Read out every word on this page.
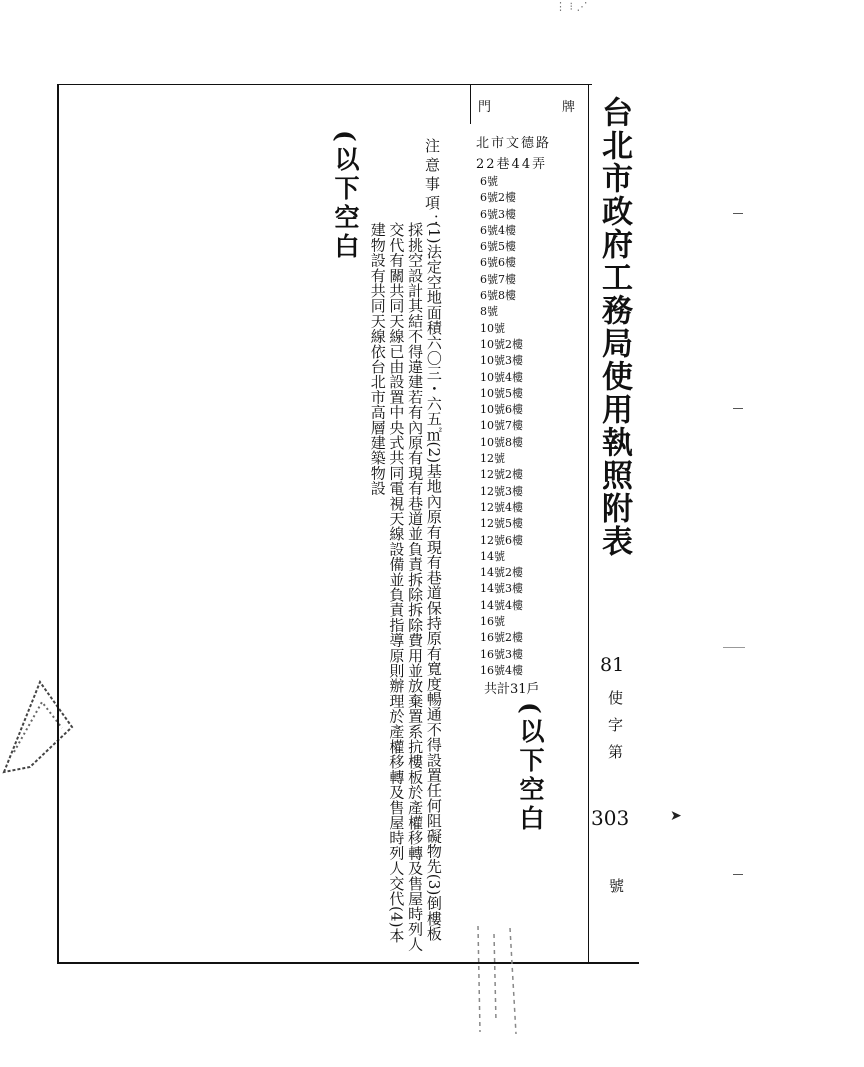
⋮ ⁝ ⋰
➤
台北市政府工務局使用執照附表
門	牌
北市文德路
22巷44弄
6號
6號2樓
6號3樓
6號4樓
6號5樓
6號6樓
6號7樓
6號8樓
8號
10號
10號2樓
10號3樓
10號4樓
10號5樓
10號6樓
10號7樓
10號8樓
12號
12號2樓
12號3樓
12號4樓
12號5樓
12號6樓
14號
14號2樓
14號3樓
14號4樓
16號
16號2樓
16號3樓
16號4樓
共計31戶
(以下空白
(以下空白	注意事項：
(1)法定空地面積六〇三・六五㎡(2)基地內原有現有巷道保持原有寬度暢通不得設置任何阻礙物先(3)倒樓板採挑空設計其結不得違建若有內原有現有巷道並負責拆除拆除費用並放棄置系抗樓板於產權移轉及售屋時列人交代有關共同天線已由設置中央式共同電視天線設備並負責指導原則辦理於產權移轉及售屋時列人交代(4)本建物設有共同天線依台北市高層建築物設
81
使字第
303
號
